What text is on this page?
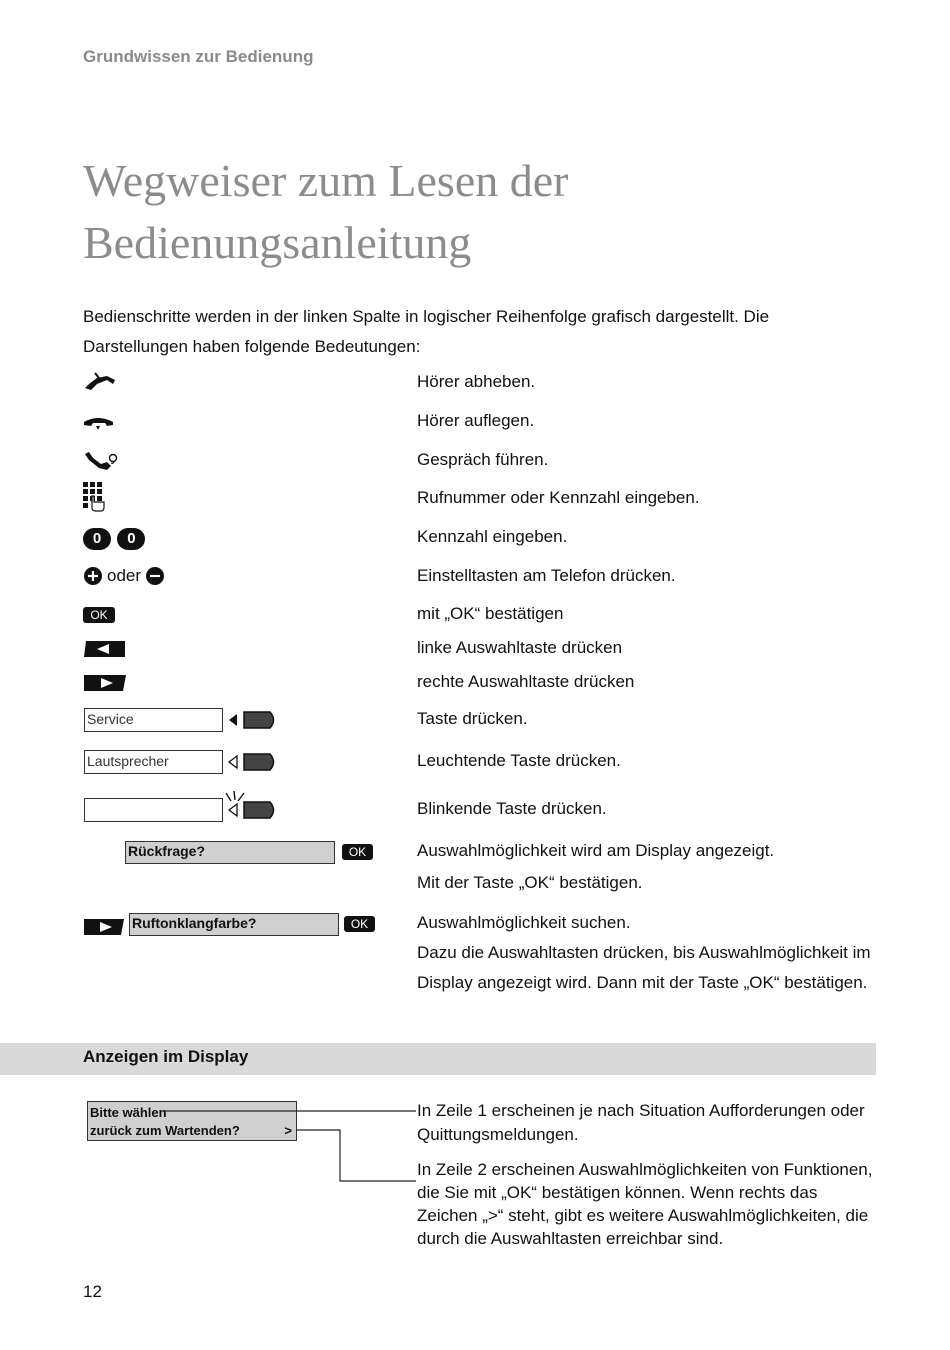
Grundwissen zur Bedienung
Wegweiser zum Lesen der
Bedienungsanleitung
Bedienschritte werden in der linken Spalte in logischer Reihenfolge grafisch dargestellt. Die Darstellungen haben folgende Bedeutungen:
Hörer abheben.
Hörer auflegen.
Gespräch führen.
Rufnummer oder Kennzahl eingeben.
0 0	Kennzahl eingeben.
oder	Einstelltasten am Telefon drücken.
OK	mit „OK“ bestätigen
linke Auswahltaste drücken
rechte Auswahltaste drücken
Service	Taste drücken.
Lautsprecher	Leuchtende Taste drücken.
Blinkende Taste drücken.
Rückfrage?	OK	Auswahlmöglichkeit wird am Display angezeigt.
Mit der Taste „OK“ bestätigen.
Ruftonklangfarbe?	OK	Auswahlmöglichkeit suchen.
Dazu die Auswahltasten drücken, bis Auswahlmöglichkeit im
Display angezeigt wird. Dann mit der Taste „OK“ bestätigen.
Anzeigen im Display
Bitte wählen
zurück zum Wartenden?	>
In Zeile 1 erscheinen je nach Situation Aufforderungen oder Quittungsmeldungen.
In Zeile 2 erscheinen Auswahlmöglichkeiten von Funktionen, die Sie mit „OK“ bestätigen können. Wenn rechts das Zeichen „>“ steht, gibt es weitere Auswahlmöglichkeiten, die durch die Auswahltasten erreichbar sind.
12
